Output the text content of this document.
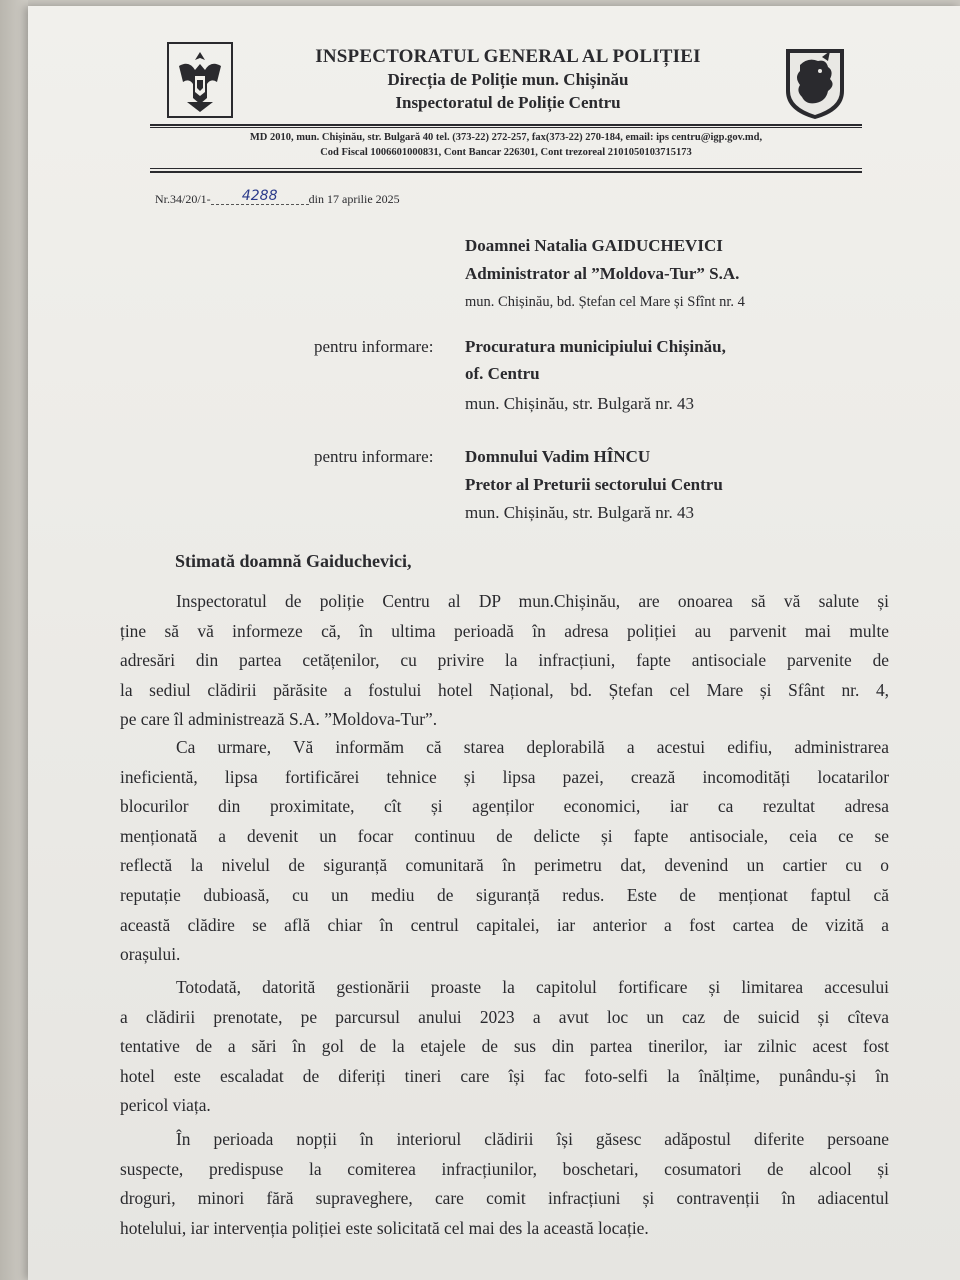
INSPECTORATUL GENERAL AL POLIȚIEI
Direcția de Poliție mun. Chișinău
Inspectoratul de Poliție Centru
MD 2010, mun. Chișinău, str. Bulgară 40 tel. (373-22) 272-257, fax(373-22) 270-184, email: ips centru@igp.gov.md,
Cod Fiscal 1006601000831, Cont Bancar 226301, Cont trezoreal 2101050103715173
Nr.34/20/1- 4288	din 17 aprilie 2025
Doamnei Natalia GAIDUCHEVICI
Administrator al ”Moldova-Tur” S.A.
mun. Chișinău, bd. Ștefan cel Mare și Sfînt nr. 4
pentru informare: Procuratura municipiului Chișinău,
of. Centru
mun. Chișinău, str. Bulgară nr. 43
pentru informare: Domnului Vadim HÎNCU
Pretor al Preturii sectorului Centru
mun. Chișinău, str. Bulgară nr. 43
Stimată doamnă Gaiduchevici,
Inspectoratul de poliție Centru al DP mun.Chișinău, are onoarea să vă salute și
ține să vă informeze că, în ultima perioadă în adresa poliției au parvenit mai multe
adresări din partea cetățenilor, cu privire la infracțiuni, fapte antisociale parvenite de
la sediul clădirii părăsite a fostului hotel Național, bd. Ștefan cel Mare și Sfânt nr. 4,
pe care îl administrează S.A. ”Moldova-Tur”.
Ca urmare, Vă informăm că starea deplorabilă a acestui edifiu, administrarea
ineficientă, lipsa fortificărei tehnice și lipsa pazei, crează incomodități locatarilor
blocurilor din proximitate, cît și agenților economici, iar ca rezultat adresa
menționată a devenit un focar continuu de delicte și fapte antisociale, ceia ce se
reflectă la nivelul de siguranță comunitară în perimetru dat, devenind un cartier cu o
reputație dubioasă, cu un mediu de siguranță redus. Este de menționat faptul că
această clădire se află chiar în centrul capitalei, iar anterior a fost cartea de vizită a
orașului.
Totodată, datorită gestionării proaste la capitolul fortificare și limitarea accesului
a clădirii prenotate, pe parcursul anului 2023 a avut loc un caz de suicid și cîteva
tentative de a sări în gol de la etajele de sus din partea tinerilor, iar zilnic acest fost
hotel este escaladat de diferiți tineri care își fac foto-selfi la înălțime, punându-și în
pericol viața.
În perioada nopții în interiorul clădirii își găsesc adăpostul diferite persoane
suspecte, predispuse la comiterea infracțiunilor, boschetari, cosumatori de alcool și
droguri, minori fără supraveghere, care comit infracțiuni și contravenții în adiacentul
hotelului, iar intervenția poliției este solicitată cel mai des la această locație.
